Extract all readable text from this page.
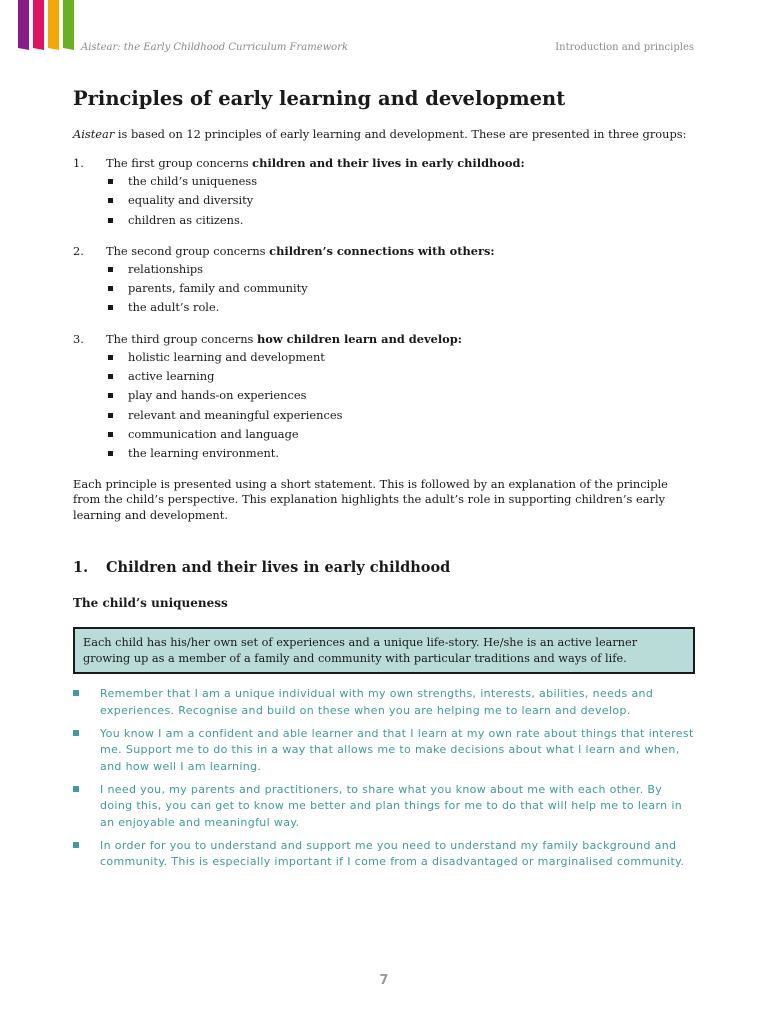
Aistear: the Early Childhood Curriculum Framework	Introduction and principles
Principles of early learning and development

Aistear is based on 12 principles of early learning and development. These are presented in three groups:

1.	The first group concerns children and their lives in early childhood:
the child’s uniqueness
equality and diversity
children as citizens.
2.	The second group concerns children’s connections with others:
relationships
parents, family and community
the adult’s role.
3.	The third group concerns how children learn and develop:
holistic learning and development
active learning
play and hands-on experiences
relevant and meaningful experiences
communication and language
the learning environment.

Each principle is presented using a short statement. This is followed by an explanation of the principle from the child’s perspective. This explanation highlights the adult’s role in supporting children’s early learning and development.

1.	Children and their lives in early childhood
The child’s uniqueness
Each child has his/her own set of experiences and a unique life-story. He/she is an active learner growing up as a member of a family and community with particular traditions and ways of life.
Remember that I am a unique individual with my own strengths, interests, abilities, needs and experiences. Recognise and build on these when you are helping me to learn and develop.
You know I am a confident and able learner and that I learn at my own rate about things that interest me. Support me to do this in a way that allows me to make decisions about what I learn and when, and how well I am learning.
I need you, my parents and practitioners, to share what you know about me with each other. By doing this, you can get to know me better and plan things for me to do that will help me to learn in an enjoyable and meaningful way.
In order for you to understand and support me you need to understand my family background and community. This is especially important if I come from a disadvantaged or marginalised community.
7
